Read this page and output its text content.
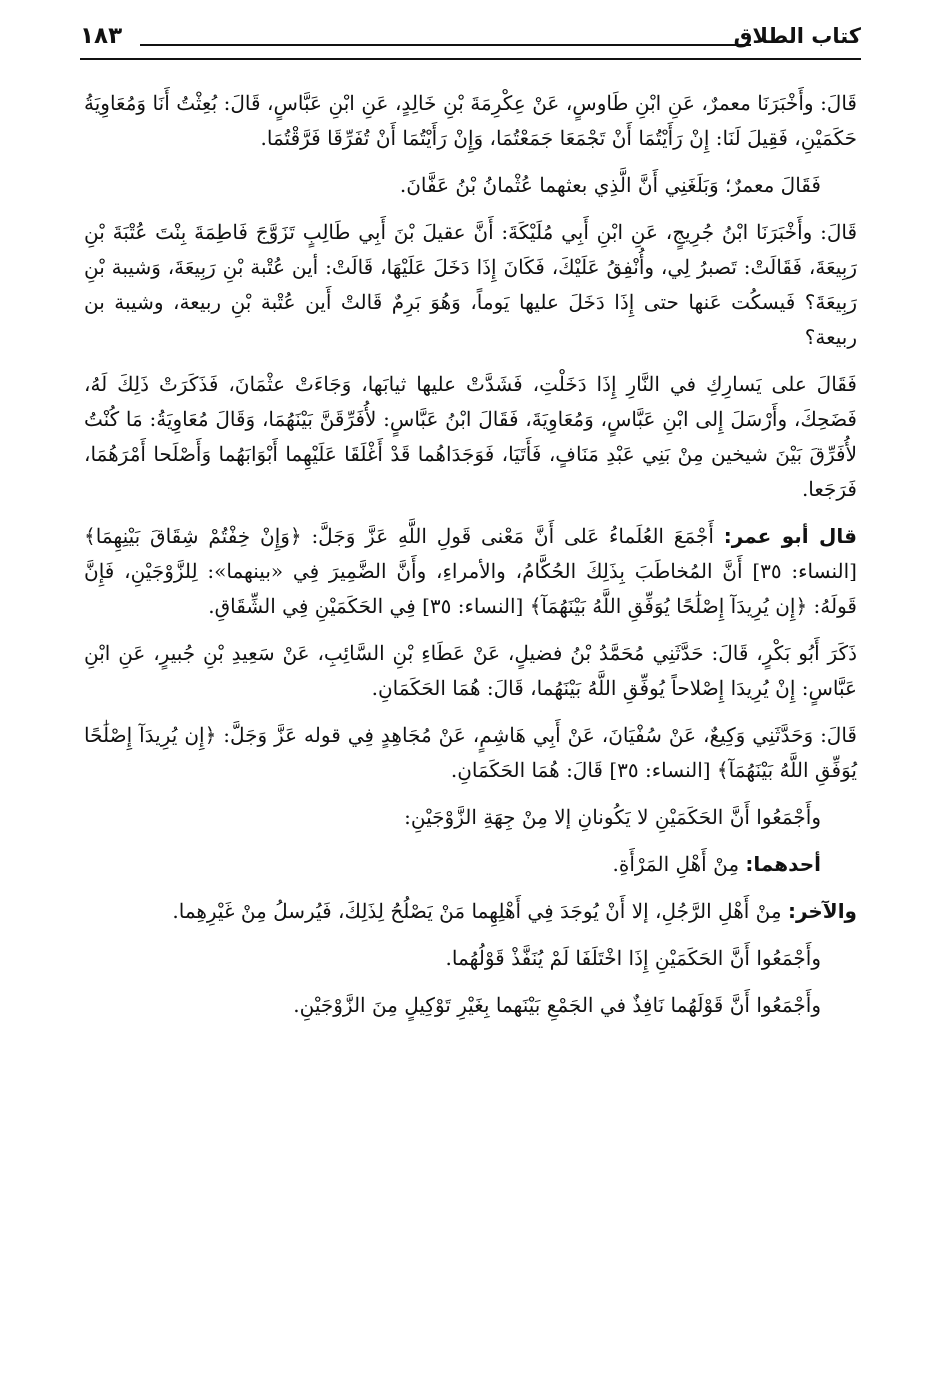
كتاب الطلاق
١٨٣

قَالَ: وأَخْبَرَنَا معمرٌ، عَنِ ابْنِ طَاوسٍ، عَنْ عِكْرِمَةَ بْنِ خَالِدٍ، عَنِ ابْنِ عَبَّاسٍ، قَالَ: بُعِثْتُ أَنَا وَمُعَاوِيَةُ حَكَمَيْنِ، فَقِيلَ لَنَا: إِنْ رَأَيْتُمَا أَنْ تَجْمَعَا جَمَعْتُمَا، وَإِنْ رَأَيْتُمَا أَنْ تُفَرِّقَا فَرَّقْتُمَا.

فَقَالَ معمرٌ؛ وَبَلَغَنِي أَنَّ الَّذِي بعثهما عُثْمانُ بْنُ عَفَّانَ.

قَالَ: وأَخْبَرَنَا ابْنُ جُرِيجٍ، عَنِ ابْنِ أَبِي مُلَيْكَةَ: أَنَّ عقيلَ بْنَ أَبِي طَالِبٍ تَزَوَّجَ فَاطِمَةَ بِنْتَ عُتْبَةَ بْنِ رَبِيعَةَ، فَقَالَتْ: تَصبرُ لِي، وأُنْفِقُ عَلَيْكَ، فَكَانَ إِذَا دَخَلَ عَلَيْهَا، قَالَتْ: أين عُتْبة بْنِ رَبِيعَةَ، وَشيبة بْنِ رَبِيعَةَ؟ فَيسكُت عَنها حتى إِذَا دَخَلَ عليها يَوماً، وَهُوَ بَرِمٌ قَالتْ أَين عُتْبة بْنِ ربيعة، وشيبة بن ربيعة؟

فَقَالَ على يَسارِكِ في النَّارِ إِذَا دَخَلْتِ، فَشَدَّتْ عليها ثيابَها، وَجَاءَتْ عثْمَانَ، فَذَكَرَتْ ذَلِكَ لَهُ، فَضَحِكَ، وأَرْسَلَ إِلى ابْنِ عَبَّاسٍ، وَمُعَاوِيَةَ، فَقَالَ ابْنُ عَبَّاسٍ: لأُفَرِّقَنَّ بَيْنَهُمَا، وَقَالَ مُعَاوِيَةُ: مَا كُنْتُ لأُفَرِّقَ بَيْنَ شيخين مِنْ بَنِي عَبْدِ مَنَافٍ، فَأَتَيَا، فَوَجَدَاهُما قَدْ أَغْلَقَا عَلَيْهِما أَبْوَابَهُما وَأَصْلَحا أَمْرَهُمَا، فَرَجَعا.

قال أبو عمر: أَجْمَعَ العُلَماءُ عَلى أَنَّ مَعْنى قَولِ اللَّهِ عَزَّ وَجَلَّ: ﴿وَإِنْ خِفْتُمْ شِقَاقَ بَيْنِهِمَا﴾ [النساء: ٣٥] أَنَّ المُخاطَبَ بِذَلِكَ الحُكَّامُ، والأمراءِ، وأَنَّ الضَّمِيرَ فِي «بينهما»: لِلزَّوْجَيْنِ، فَإِنَّ قَولَهُ: ﴿إِن يُرِيدَآ إِصْلَٰحًا يُوَفِّقِ اللَّهُ بَيْنَهُمَآ﴾ [النساء: ٣٥] فِي الحَكَمَيْنِ فِي الشِّقَاقِ.

ذَكَرَ أَبُو بَكْرٍ، قَالَ: حَدَّثَنِي مُحَمَّدُ بْنُ فضيلٍ، عَنْ عَطَاءِ بْنِ السَّائِبِ، عَنْ سَعِيدِ بْنِ جُبيرٍ، عَنِ ابْنِ عَبَّاسٍ: إِنْ يُرِيدَا إِصْلاحاً يُوفِّقِ اللَّهُ بَيْنَهُما، قَالَ: هُمَا الحَكَمَانِ.

قَالَ: وَحَدَّثَنِي وَكِيعٌ، عَنْ سُفْيَانَ، عَنْ أَبِي هَاشِمٍ، عَنْ مُجَاهِدٍ فِي قوله عَزَّ وَجَلَّ: ﴿إِن يُرِيدَآ إِصْلَٰحًا يُوَفِّقِ اللَّهُ بَيْنَهُمَآ﴾ [النساء: ٣٥] قَالَ: هُمَا الحَكَمَانِ.

وأَجْمَعُوا أَنَّ الحَكَمَيْنِ لا يَكُونانِ إلا مِنْ جِهَةِ الزَّوْجَيْنِ:

أحدهما: مِنْ أَهْلِ المَرْأَةِ.

والآخر: مِنْ أَهْلِ الرَّجُلِ، إلا أَنْ يُوجَدَ فِي أَهْلِهِما مَنْ يَصْلُحُ لِذَلِكَ، فَيُرسلُ مِنْ غَيْرِهِما.

وأَجْمَعُوا أَنَّ الحَكَمَيْنِ إِذَا اخْتَلَفَا لَمْ يُنَفَّذْ قَوْلُهُما.

وأَجْمَعُوا أَنَّ قَوْلَهُما نَافِذٌ في الجَمْعِ بَيْنَهما بِغَيْرِ تَوْكِيلٍ مِنَ الزَّوْجَيْنِ.
